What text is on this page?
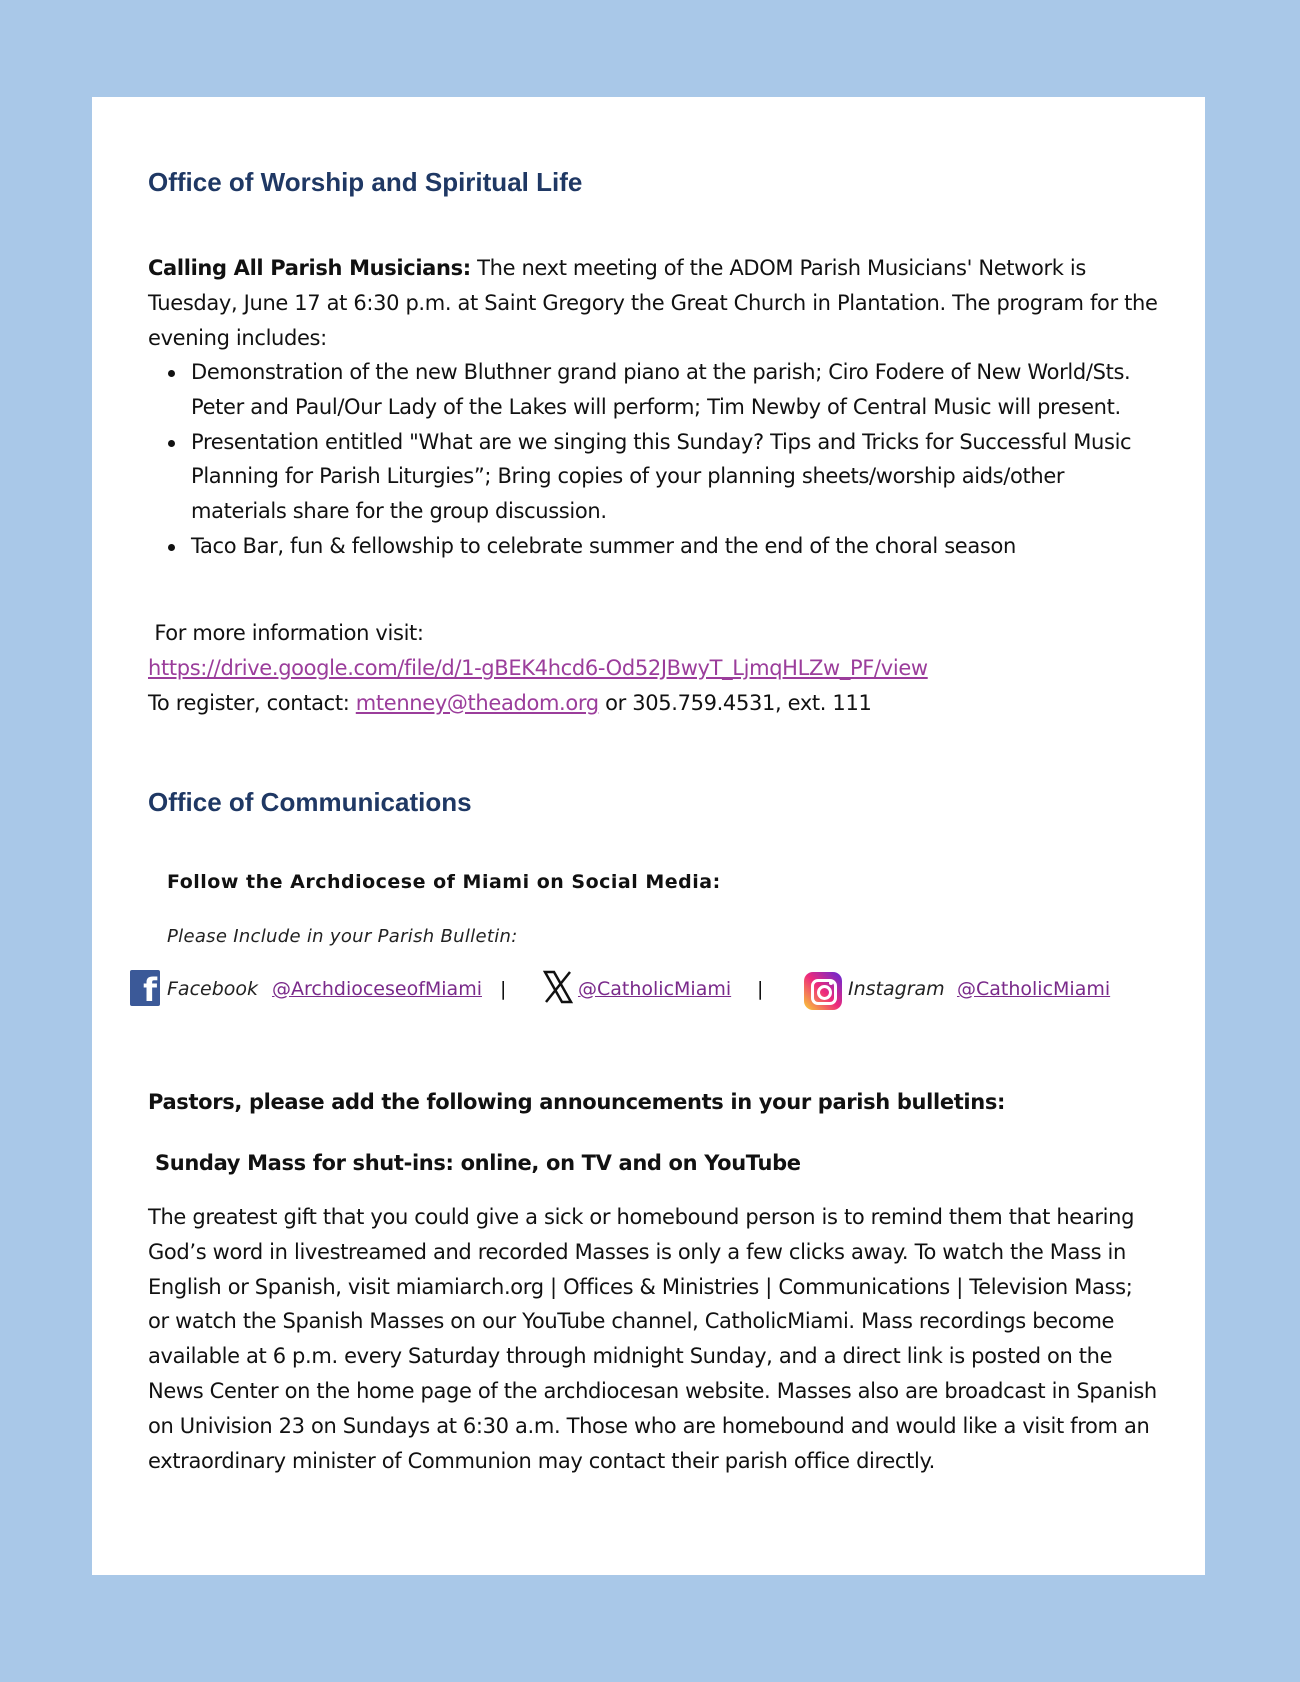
Office of Worship and Spiritual Life
Calling All Parish Musicians: The next meeting of the ADOM Parish Musicians' Network is Tuesday, June 17 at 6:30 p.m. at Saint Gregory the Great Church in Plantation. The program for the evening includes:
Demonstration of the new Bluthner grand piano at the parish; Ciro Fodere of New World/Sts. Peter and Paul/Our Lady of the Lakes will perform; Tim Newby of Central Music will present.
Presentation entitled "What are we singing this Sunday? Tips and Tricks for Successful Music Planning for Parish Liturgies”; Bring copies of your planning sheets/worship aids/other materials share for the group discussion.
Taco Bar, fun & fellowship to celebrate summer and the end of the choral season
For more information visit:
https://drive.google.com/file/d/1-gBEK4hcd6-Od52JBwyT_LjmqHLZw_PF/view
To register, contact: mtenney@theadom.org or 305.759.4531, ext. 111
Office of Communications
Follow the Archdiocese of Miami on Social Media:
Please Include in your Parish Bulletin:
f Facebook @ArchdioceseofMiami |	@CatholicMiami |	Instagram @CatholicMiami
Pastors, please add the following announcements in your parish bulletins:
Sunday Mass for shut-ins: online, on TV and on YouTube
The greatest gift that you could give a sick or homebound person is to remind them that hearing God’s word in livestreamed and recorded Masses is only a few clicks away. To watch the Mass in English or Spanish, visit miamiarch.org | Offices & Ministries | Communications | Television Mass; or watch the Spanish Masses on our YouTube channel, CatholicMiami. Mass recordings become available at 6 p.m. every Saturday through midnight Sunday, and a direct link is posted on the News Center on the home page of the archdiocesan website. Masses also are broadcast in Spanish on Univision 23 on Sundays at 6:30 a.m. Those who are homebound and would like a visit from an extraordinary minister of Communion may contact their parish office directly.
